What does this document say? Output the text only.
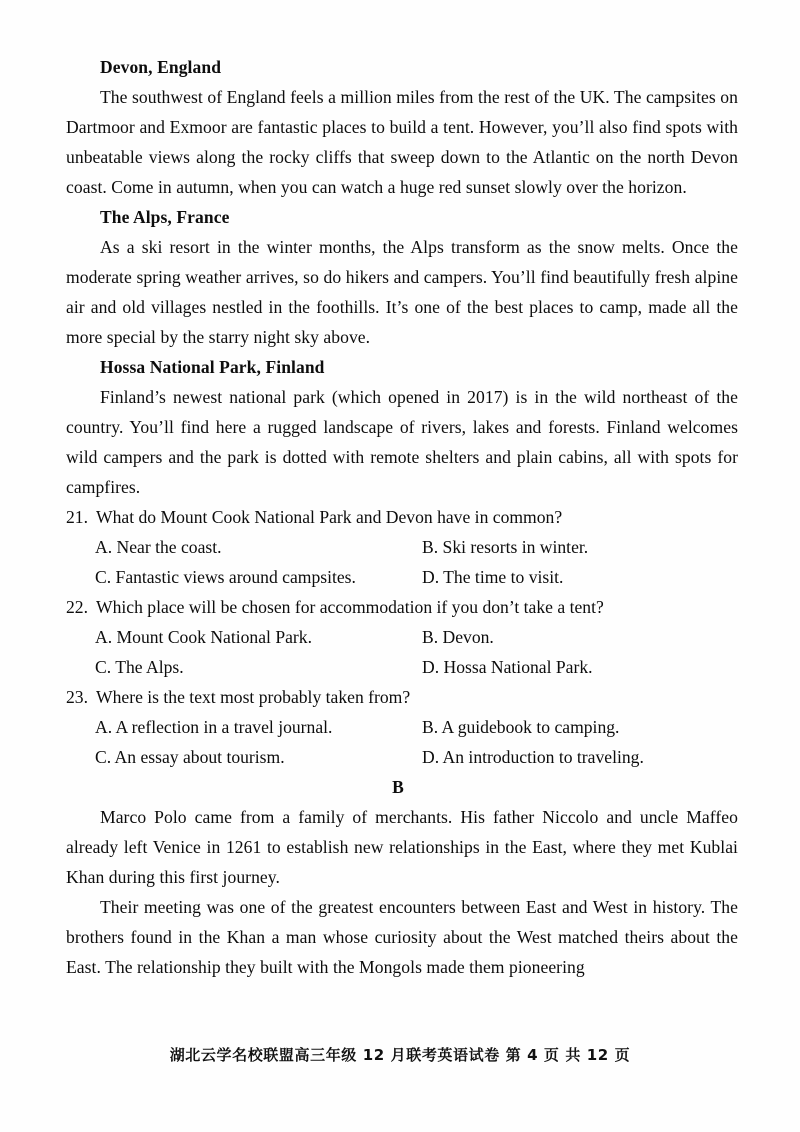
Devon, England

The southwest of England feels a million miles from the rest of the UK. The campsites on Dartmoor and Exmoor are fantastic places to build a tent. However, you’ll also find spots with unbeatable views along the rocky cliffs that sweep down to the Atlantic on the north Devon coast. Come in autumn, when you can watch a huge red sunset slowly over the horizon.

The Alps, France

As a ski resort in the winter months, the Alps transform as the snow melts. Once the moderate spring weather arrives, so do hikers and campers. You’ll find beautifully fresh alpine air and old villages nestled in the foothills. It’s one of the best places to camp, made all the more special by the starry night sky above.

Hossa National Park, Finland

Finland’s newest national park (which opened in 2017) is in the wild northeast of the country. You’ll find here a rugged landscape of rivers, lakes and forests. Finland welcomes wild campers and the park is dotted with remote shelters and plain cabins, all with spots for campfires.

21. What do Mount Cook National Park and Devon have in common?
A. Near the coast.	B. Ski resorts in winter.
C. Fantastic views around campsites.	D. The time to visit.
22. Which place will be chosen for accommodation if you don’t take a tent?
A. Mount Cook National Park.	B. Devon.
C. The Alps.	D. Hossa National Park.
23. Where is the text most probably taken from?
A. A reflection in a travel journal.	B. A guidebook to camping.
C. An essay about tourism.	D. An introduction to traveling.

B

Marco Polo came from a family of merchants. His father Niccolo and uncle Maffeo already left Venice in 1261 to establish new relationships in the East, where they met Kublai Khan during this first journey.

Their meeting was one of the greatest encounters between East and West in history. The brothers found in the Khan a man whose curiosity about the West matched theirs about the East. The relationship they built with the Mongols made them pioneering

湖北云学名校联盟高三年级 12 月联考英语试卷 第 4 页 共 12 页
